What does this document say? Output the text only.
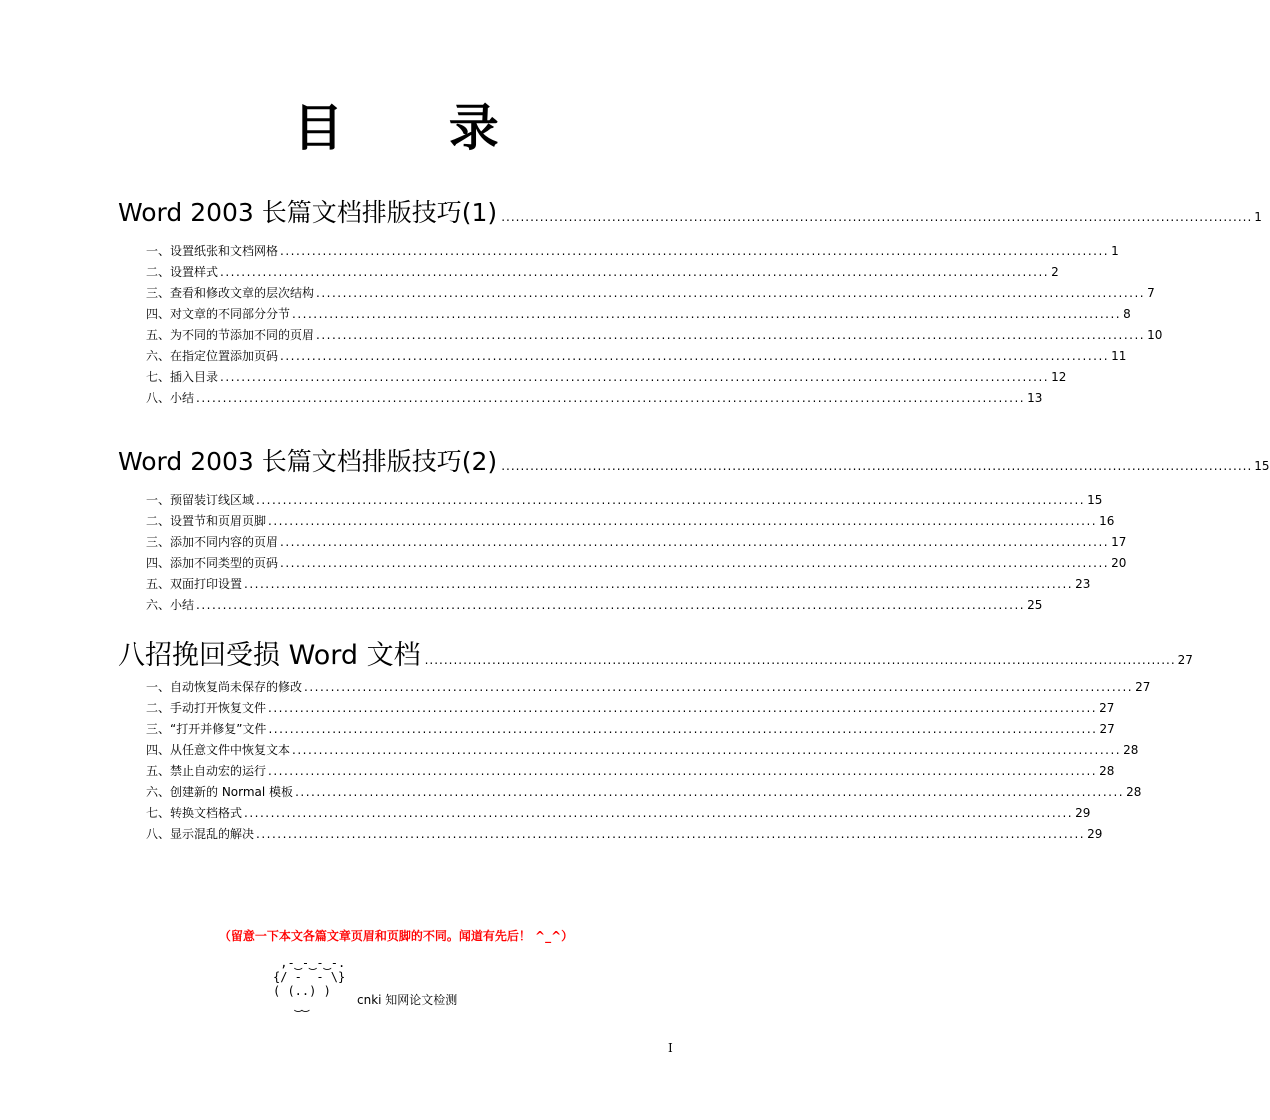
目 录
Word 2003 长篇文档排版技巧(1) ............................................................................................................................................................ 1
一、设置纸张和文档网格 ............................................................................................................................................................ 1
二、设置样式 ............................................................................................................................................................ 2
三、查看和修改文章的层次结构 ............................................................................................................................................................ 7
四、对文章的不同部分分节 ............................................................................................................................................................ 8
五、为不同的节添加不同的页眉 ............................................................................................................................................................ 10
六、在指定位置添加页码 ............................................................................................................................................................ 11
七、插入目录 ............................................................................................................................................................ 12
八、小结 ............................................................................................................................................................ 13
Word 2003 长篇文档排版技巧(2) ............................................................................................................................................................ 15
一、预留装订线区域 ............................................................................................................................................................ 15
二、设置节和页眉页脚 ............................................................................................................................................................ 16
三、添加不同内容的页眉 ............................................................................................................................................................ 17
四、添加不同类型的页码 ............................................................................................................................................................ 20
五、双面打印设置 ............................................................................................................................................................ 23
六、小结 ............................................................................................................................................................ 25
八招挽回受损 Word 文档 ............................................................................................................................................................ 27
一、自动恢复尚未保存的修改 ............................................................................................................................................................ 27
二、手动打开恢复文件 ............................................................................................................................................................ 27
三、“打开并修复”文件 ............................................................................................................................................................ 27
四、从任意文件中恢复文本 ............................................................................................................................................................ 28
五、禁止自动宏的运行 ............................................................................................................................................................ 28
六、创建新的 Normal 模板 ............................................................................................................................................................ 28
七、转换文档格式 ............................................................................................................................................................ 29
八、显示混乱的解决 ............................................................................................................................................................ 29
（留意一下本文各篇文章页眉和页脚的不同。闻道有先后！ ^_^）
,-‿-‿-‿-.
{/ -  - \}
( (..) )
‿‿	cnki 知网论文检测
I
